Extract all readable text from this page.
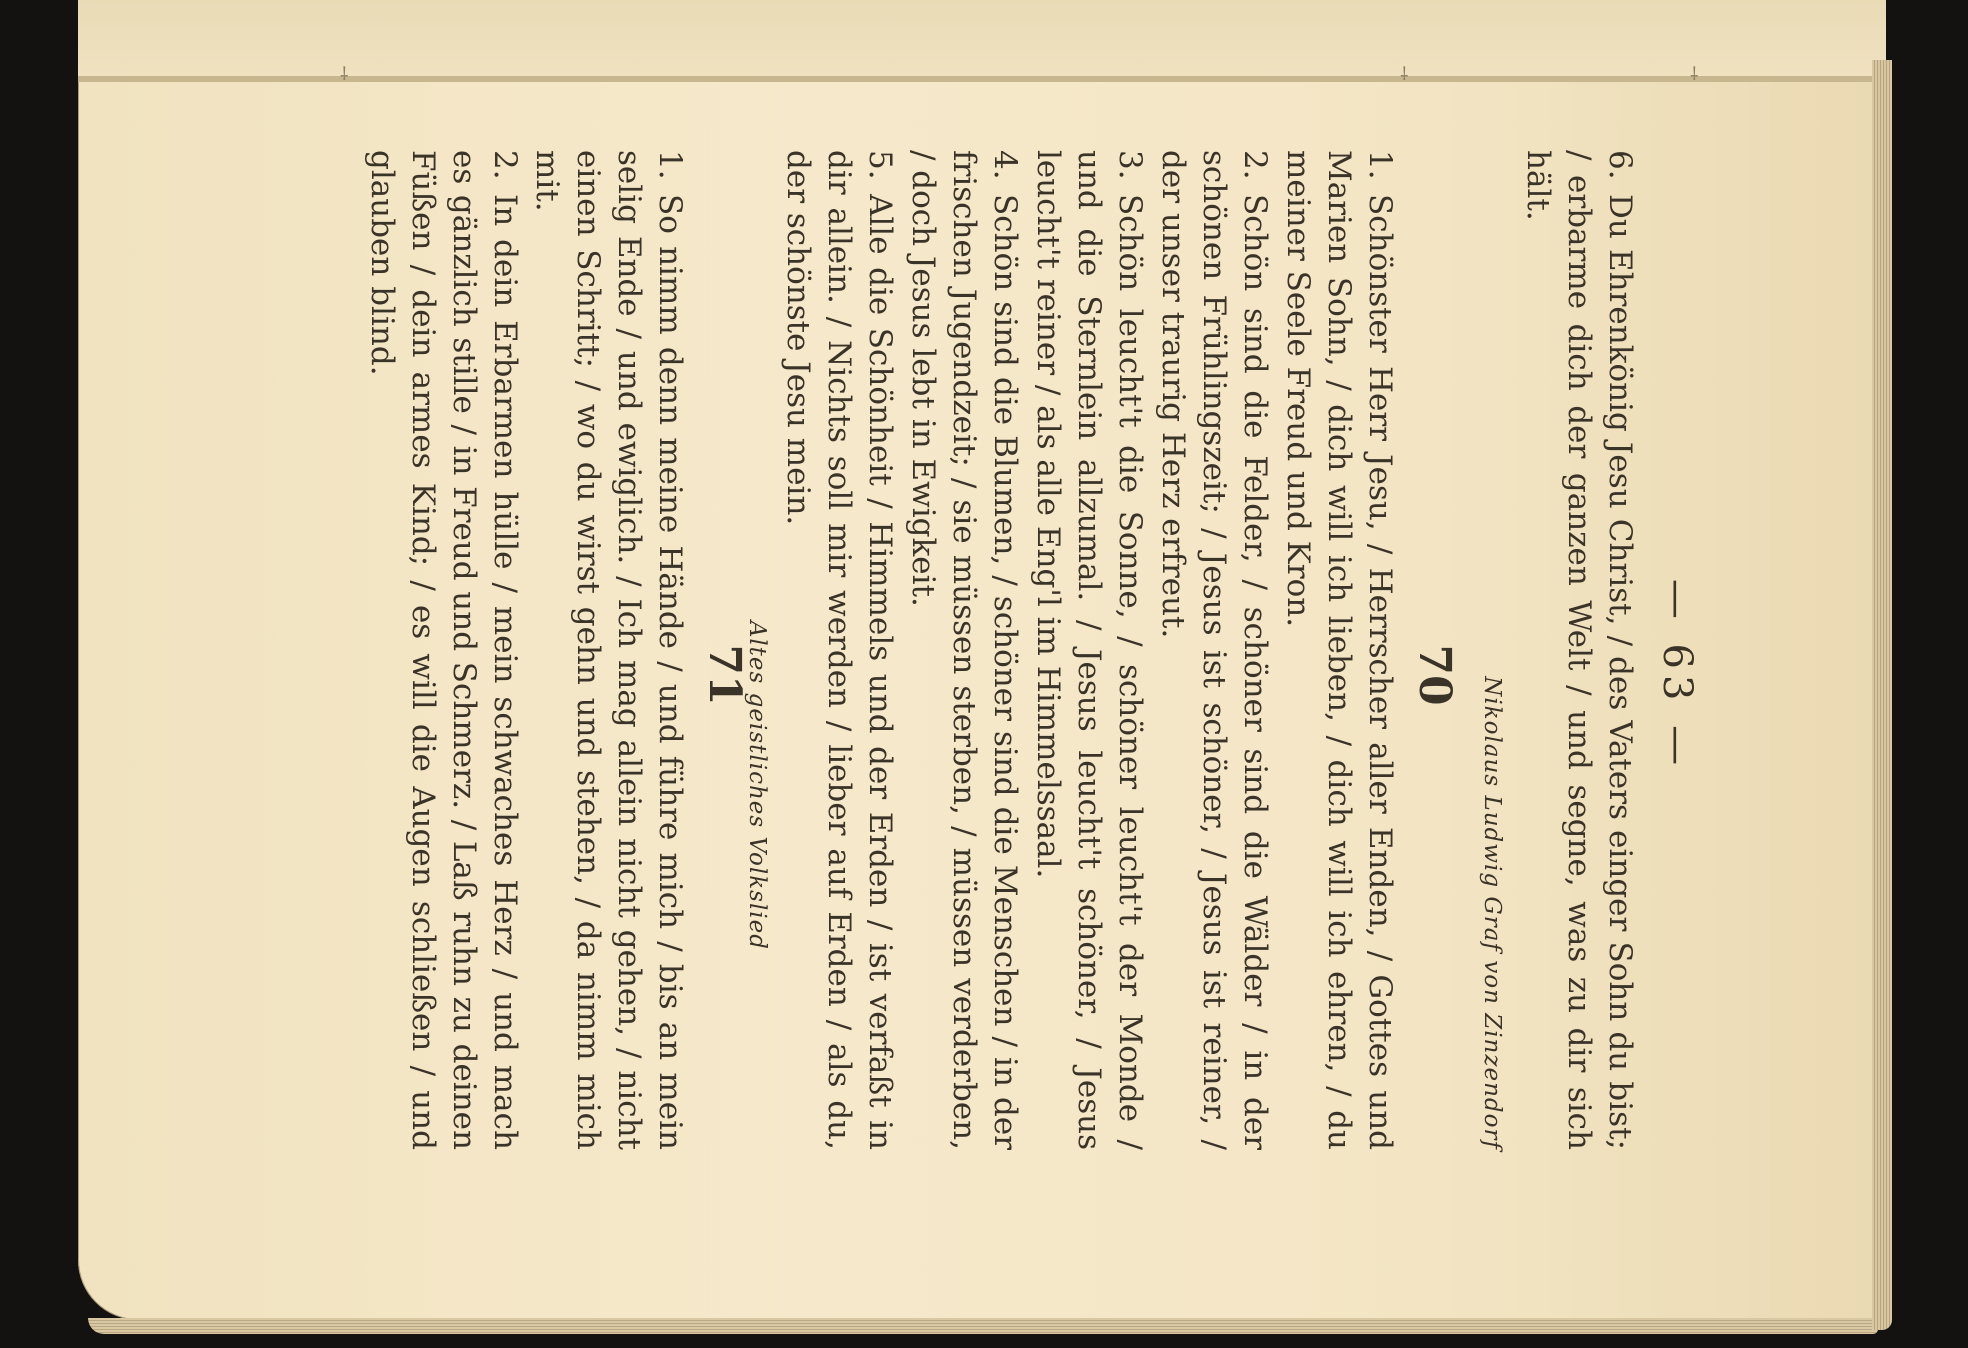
⸸	⸸	⸸
— 63 —
6.Du Ehrenkönig Jesu Christ, / des Vaters einger Sohn du bist; / erbarme dich der ganzen Welt / und segne, was zu dir sich hält.
Nikolaus Ludwig Graf von Zinzendorf
70
1.Schönster Herr Jesu, / Herrscher aller Enden, / Gottes und Marien Sohn, / dich will ich lieben, / dich will ich ehren, / du meiner Seele Freud und Kron.
2.Schön sind die Felder, / schöner sind die Wälder / in der schönen Frühlingszeit; / Jesus ist schöner, / Jesus ist reiner, / der unser traurig Herz erfreut.
3.Schön leucht't die Sonne, / schöner leucht't der Monde / und die Sternlein allzumal. / Jesus leucht't schöner, / Jesus leucht't reiner / als alle Eng'l im Himmelssaal.
4.Schön sind die Blumen, / schöner sind die Menschen / in der frischen Jugendzeit; / sie müssen sterben, / müssen verderben, / doch Jesus lebt in Ewigkeit.
5.Alle die Schönheit / Himmels und der Erden / ist verfaßt in dir allein. / Nichts soll mir werden / lieber auf Erden / als du, der schönste Jesu mein.
Altes geistliches Volkslied
71
1.So nimm denn meine Hände / und führe mich / bis an mein selig Ende / und ewiglich. / Ich mag allein nicht gehen, / nicht einen Schritt; / wo du wirst gehn und stehen, / da nimm mich mit.
2.In dein Erbarmen hülle / mein schwaches Herz / und mach es gänzlich stille / in Freud und Schmerz. / Laß ruhn zu deinen Füßen / dein armes Kind; / es will die Augen schließen / und glauben blind.
